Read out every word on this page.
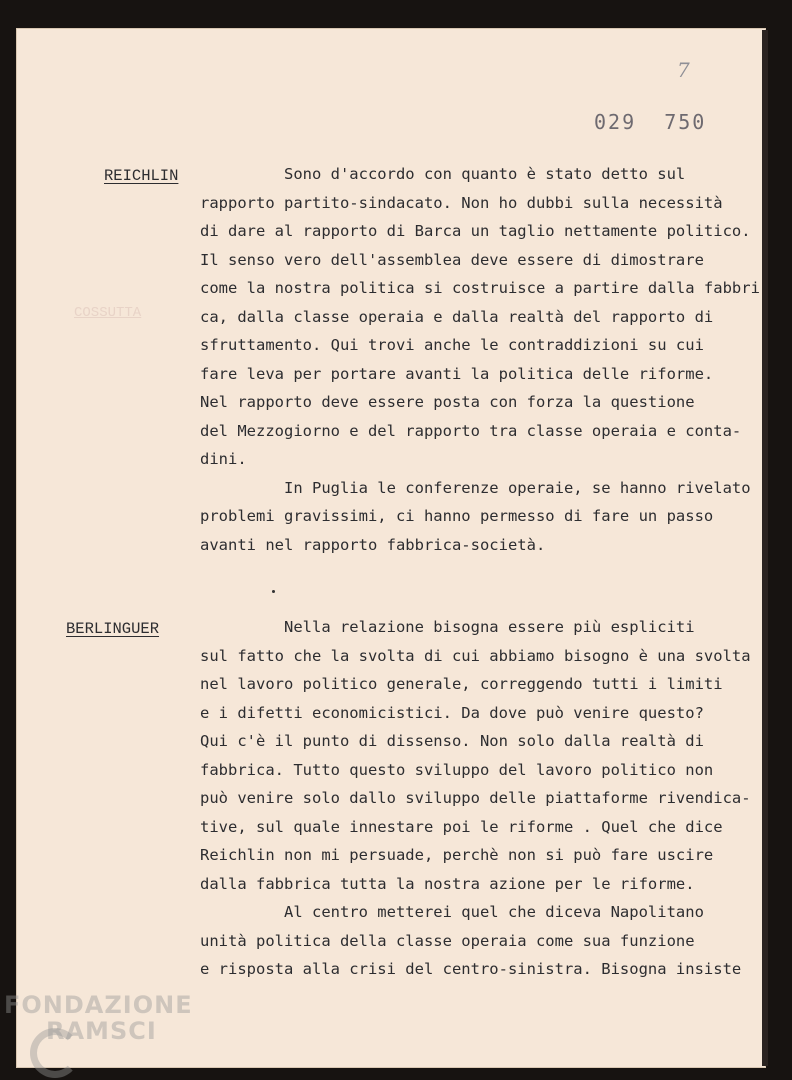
7
029  750
COSSUTTA
REICHLIN Sono d'accordo con quanto è stato detto sul
rapporto partito-sindacato. Non ho dubbi sulla necessità
di dare al rapporto di Barca un taglio nettamente politico.
Il senso vero dell'assemblea deve essere di dimostrare
come la nostra politica si costruisce a partire dalla fabbri
ca, dalla classe operaia e dalla realtà del rapporto di
sfruttamento. Qui trovi anche le contraddizioni su cui
fare leva per portare avanti la politica delle riforme.
Nel rapporto deve essere posta con forza la questione
del Mezzogiorno e del rapporto tra classe operaia e conta-
dini.
In Puglia le conferenze operaie, se hanno rivelato
problemi gravissimi, ci hanno permesso di fare un passo
avanti nel rapporto fabbrica-società.
BERLINGUER	Nella relazione bisogna essere più espliciti
sul fatto che la svolta di cui abbiamo bisogno è una svolta
nel lavoro politico generale, correggendo tutti i limiti
e i difetti economicistici. Da dove può venire questo?
Qui c'è il punto di dissenso. Non solo dalla realtà di
fabbrica. Tutto questo sviluppo del lavoro politico non
può venire solo dallo sviluppo delle piattaforme rivendica-
tive, sul quale innestare poi le riforme . Quel che dice
Reichlin non mi persuade, perchè non si può fare uscire
dalla fabbrica tutta la nostra azione per le riforme.
Al centro metterei quel che diceva Napolitano
unità politica della classe operaia come sua funzione
e risposta alla crisi del centro-sinistra. Bisogna insiste
FONDAZIONE
RAMSCI
